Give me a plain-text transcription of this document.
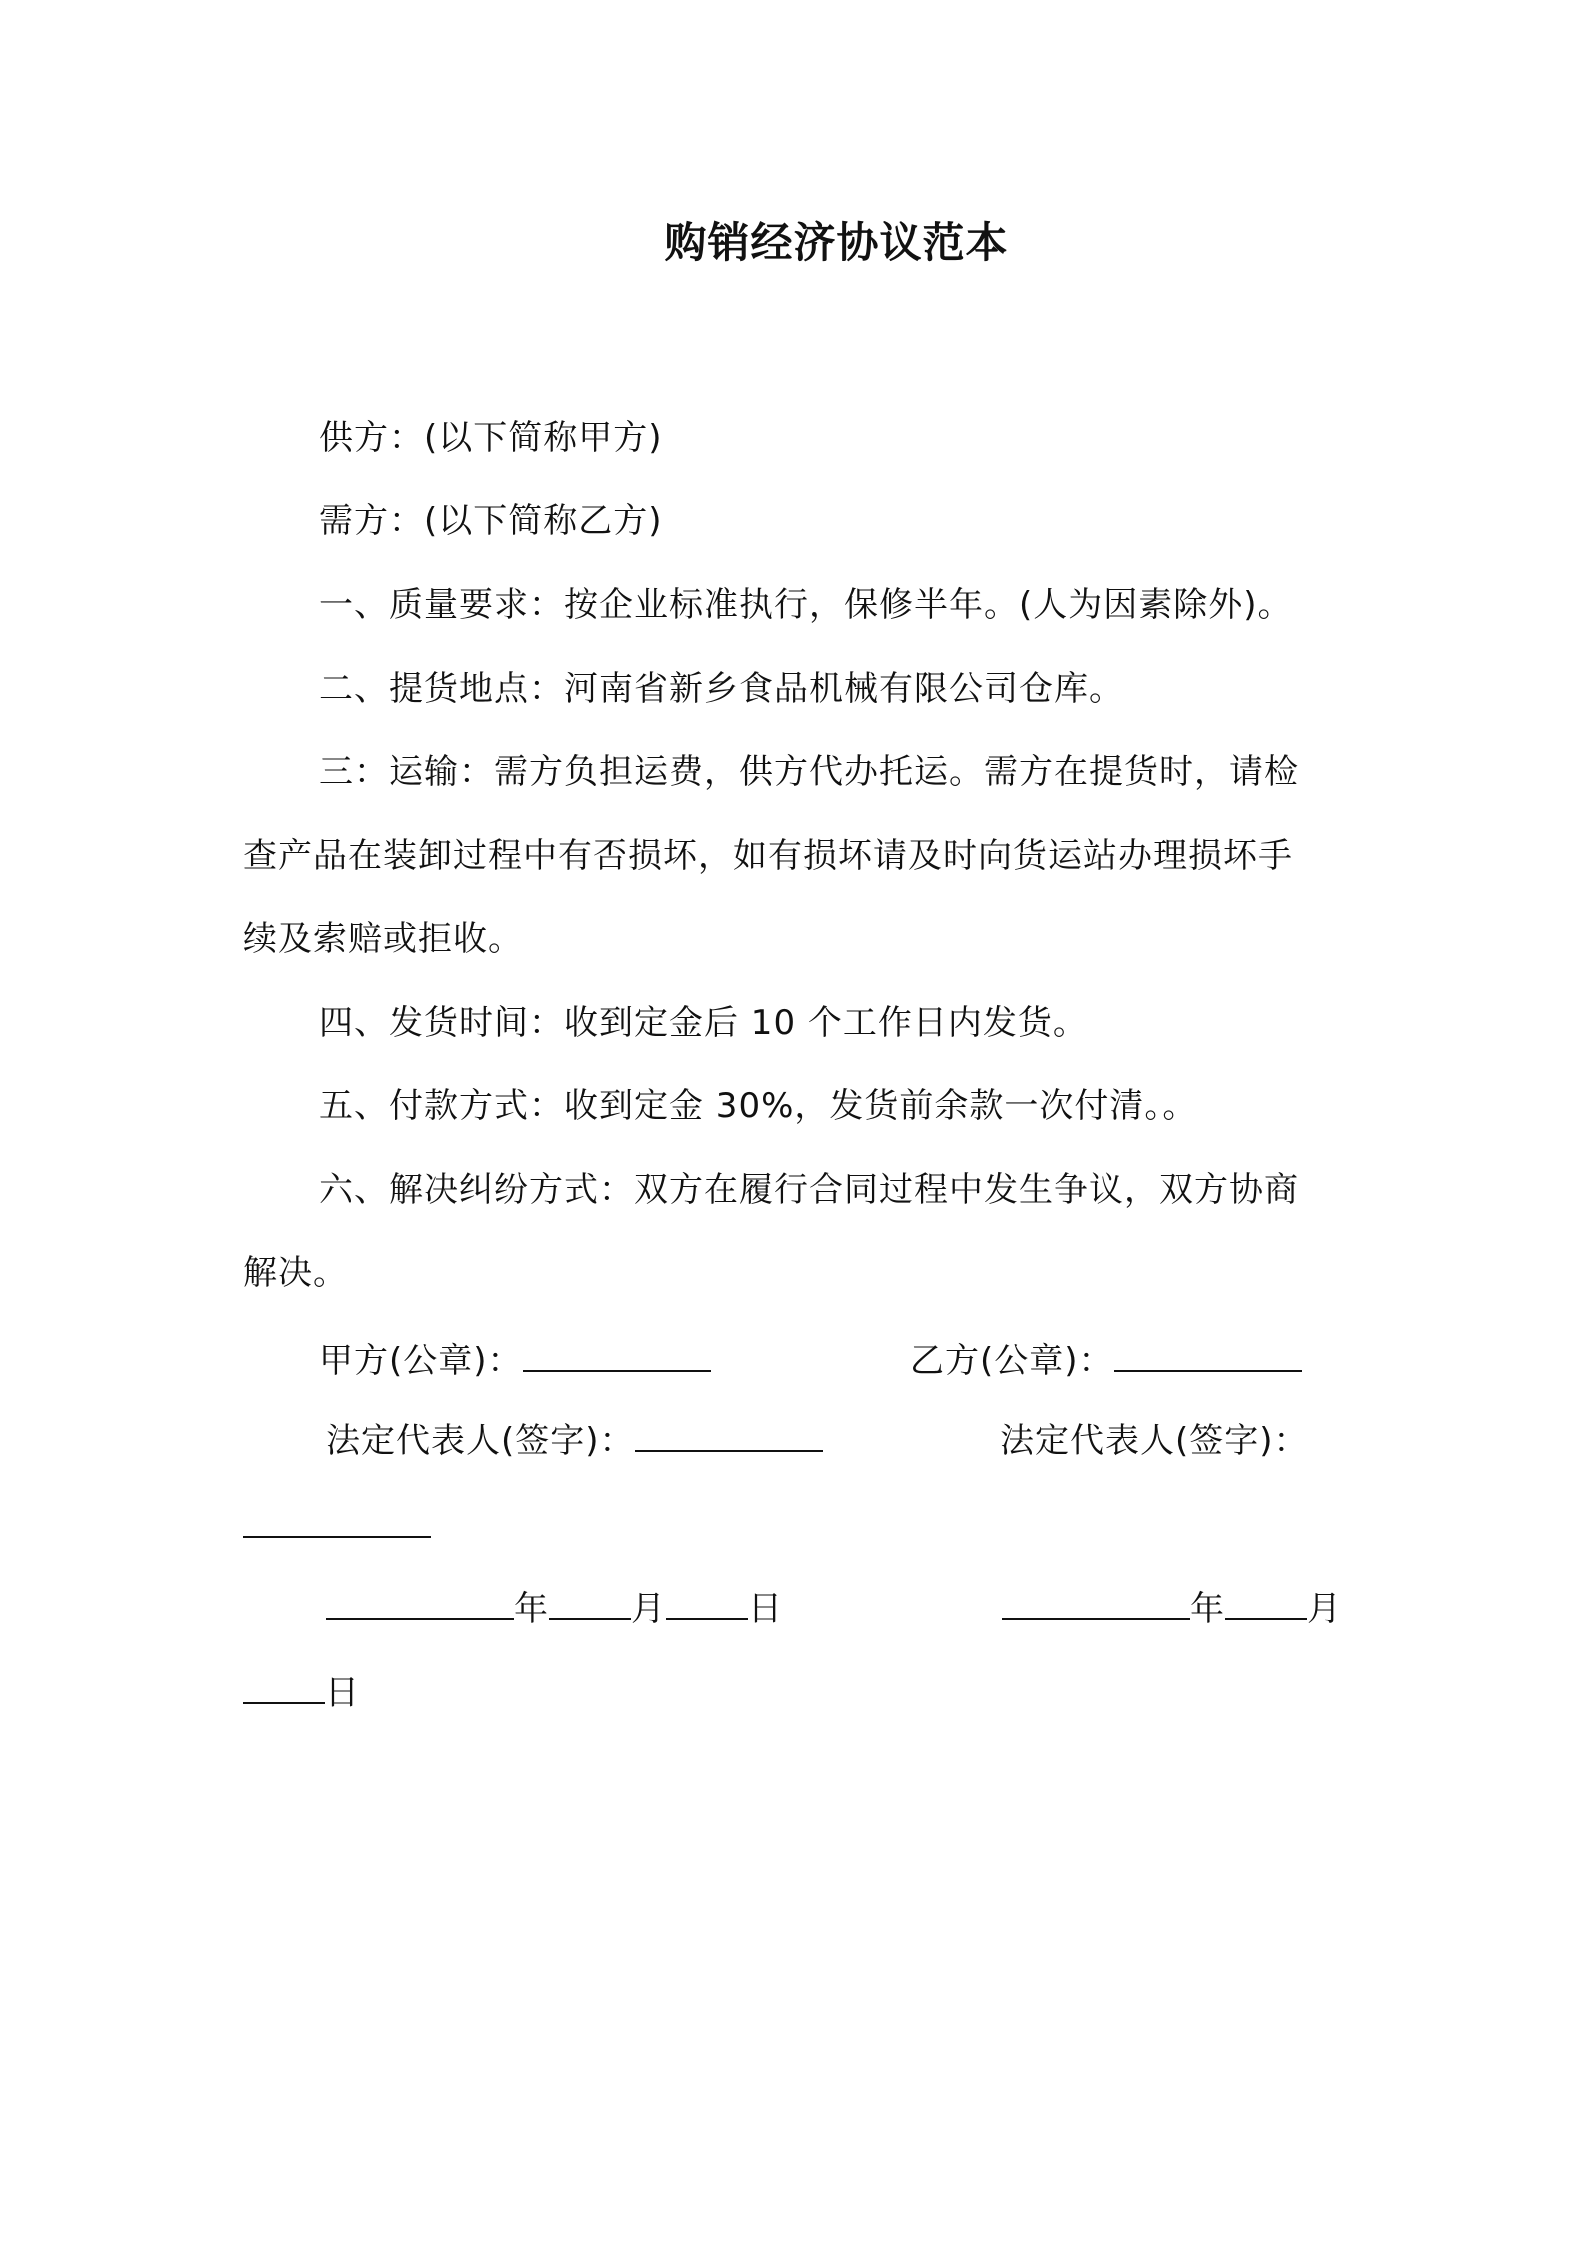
购销经济协议范本
供方：(以下简称甲方)
需方：(以下简称乙方)
一、质量要求：按企业标准执行，保修半年。(人为因素除外)。
二、提货地点：河南省新乡食品机械有限公司仓库。
三：运输：需方负担运费，供方代办托运。需方在提货时，请检
查产品在装卸过程中有否损坏，如有损坏请及时向货运站办理损坏手
续及索赔或拒收。
四、发货时间：收到定金后 10 个工作日内发货。
五、付款方式：收到定金 30%，发货前余款一次付清。。
六、解决纠纷方式：双方在履行合同过程中发生争议，双方协商
解决。
甲方(公章)：	乙方(公章)：
法定代表人(签字)：	法定代表人(签字)：
年 月 日	年 月
日
